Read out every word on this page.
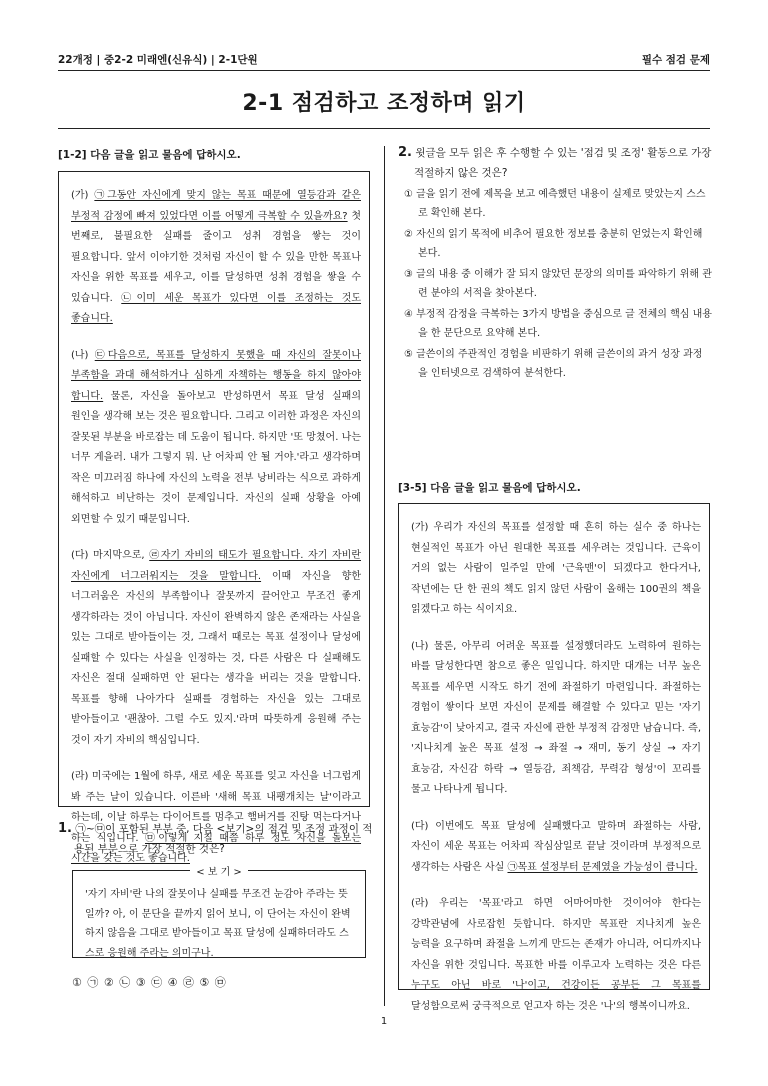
22개정 | 중2-2 미래엔(신유식) | 2-1단원	필수 점검 문제
2-1 점검하고 조정하며 읽기
[1-2] 다음 글을 읽고 물음에 답하시오.

(가) ㉠그동안 자신에게 맞지 않는 목표 때문에 열등감과 같은 부정적 감정에 빠져 있었다면 이를 어떻게 극복할 수 있을까요? 첫 번째로, 불필요한 실패를 줄이고 성취 경험을 쌓는 것이 필요합니다. 앞서 이야기한 것처럼 자신이 할 수 있을 만한 목표나 자신을 위한 목표를 세우고, 이를 달성하면 성취 경험을 쌓을 수 있습니다. ㉡이미 세운 목표가 있다면 이를 조정하는 것도 좋습니다.

(나) ㉢다음으로, 목표를 달성하지 못했을 때 자신의 잘못이나 부족함을 과대 해석하거나 심하게 자책하는 행동을 하지 않아야 합니다. 물론, 자신을 돌아보고 반성하면서 목표 달성 실패의 원인을 생각해 보는 것은 필요합니다. 그리고 이러한 과정은 자신의 잘못된 부분을 바로잡는 데 도움이 됩니다. 하지만 '또 망쳤어. 나는 너무 게을러. 내가 그렇지 뭐. 난 어차피 안 될 거야.'라고 생각하며 작은 미끄러짐 하나에 자신의 노력을 전부 낭비라는 식으로 과하게 해석하고 비난하는 것이 문제입니다. 자신의 실패 상황을 아예 외면할 수 있기 때문입니다.

(다) 마지막으로, ㉣자기 자비의 태도가 필요합니다. 자기 자비란 자신에게 너그러워지는 것을 말합니다. 이때 자신을 향한 너그러움은 자신의 부족함이나 잘못까지 끌어안고 무조건 좋게 생각하라는 것이 아닙니다. 자신이 완벽하지 않은 존재라는 사실을 있는 그대로 받아들이는 것, 그래서 때로는 목표 설정이나 달성에 실패할 수 있다는 사실을 인정하는 것, 다른 사람은 다 실패해도 자신은 절대 실패하면 안 된다는 생각을 버리는 것을 말합니다. 목표를 향해 나아가다 실패를 경험하는 자신을 있는 그대로 받아들이고 '괜찮아. 그럴 수도 있지.'라며 따뜻하게 응원해 주는 것이 자기 자비의 핵심입니다.

(라) 미국에는 1월에 하루, 새로 세운 목표를 잊고 자신을 너그럽게 봐 주는 날이 있습니다. 이른바 '새해 목표 내팽개치는 날'이라고 하는데, 이날 하루는 다이어트를 멈추고 햄버거를 진탕 먹는다거나 하는 식입니다. ㉤이렇게 지칠 때쯤 하루 정도 자신을 돌보는 시간을 갖는 것도 좋습니다.

1. ㉠~㉤이 포함된 부분 중, 다음 <보기>의 점검 및 조정 과정이 적용된 부분으로 가장 적절한 것은?
< 보 기 >
'자기 자비'란 나의 잘못이나 실패를 무조건 눈감아 주라는 뜻일까? 아, 이 문단을 끝까지 읽어 보니, 이 단어는 자신이 완벽하지 않음을 그대로 받아들이고 목표 달성에 실패하더라도 스스로 응원해 주라는 의미구나.
① ㉠ ② ㉡ ③ ㉢ ④ ㉣ ⑤ ㉤
2. 윗글을 모두 읽은 후 수행할 수 있는 '점검 및 조정' 활동으로 가장 적절하지 않은 것은?
① 글을 읽기 전에 제목을 보고 예측했던 내용이 실제로 맞았는지 스스로 확인해 본다.
② 자신의 읽기 목적에 비추어 필요한 정보를 충분히 얻었는지 확인해 본다.
③ 글의 내용 중 이해가 잘 되지 않았던 문장의 의미를 파악하기 위해 관련 분야의 서적을 찾아본다.
④ 부정적 감정을 극복하는 3가지 방법을 중심으로 글 전체의 핵심 내용을 한 문단으로 요약해 본다.
⑤ 글쓴이의 주관적인 경험을 비판하기 위해 글쓴이의 과거 성장 과정을 인터넷으로 검색하여 분석한다.
[3-5] 다음 글을 읽고 물음에 답하시오.

(가) 우리가 자신의 목표를 설정할 때 흔히 하는 실수 중 하나는 현실적인 목표가 아닌 원대한 목표를 세우려는 것입니다. 근육이 거의 없는 사람이 일주일 만에 '근육맨'이 되겠다고 한다거나, 작년에는 단 한 권의 책도 읽지 않던 사람이 올해는 100권의 책을 읽겠다고 하는 식이지요.

(나) 물론, 아무리 어려운 목표를 설정했더라도 노력하여 원하는 바를 달성한다면 참으로 좋은 일입니다. 하지만 대개는 너무 높은 목표를 세우면 시작도 하기 전에 좌절하기 마련입니다. 좌절하는 경험이 쌓이다 보면 자신이 문제를 해결할 수 있다고 믿는 '자기 효능감'이 낮아지고, 결국 자신에 관한 부정적 감정만 남습니다. 즉, '지나치게 높은 목표 설정 → 좌절 → 재미, 동기 상실 → 자기 효능감, 자신감 하락 → 열등감, 죄책감, 무력감 형성'이 꼬리를 물고 나타나게 됩니다.

(다) 이번에도 목표 달성에 실패했다고 말하며 좌절하는 사람, 자신이 세운 목표는 어차피 작심삼일로 끝날 것이라며 부정적으로 생각하는 사람은 사실 ㉠목표 설정부터 문제였을 가능성이 큽니다.

(라) 우리는 '목표'라고 하면 어마어마한 것이어야 한다는 강박관념에 사로잡힌 듯합니다. 하지만 목표란 지나치게 높은 능력을 요구하며 좌절을 느끼게 만드는 존재가 아니라, 어디까지나 자신을 위한 것입니다. 목표한 바를 이루고자 노력하는 것은 다른 누구도 아닌 바로 '나'이고, 건강이든 공부든 그 목표를 달성함으로써 궁극적으로 얻고자 하는 것은 '나'의 행복이니까요.

1
